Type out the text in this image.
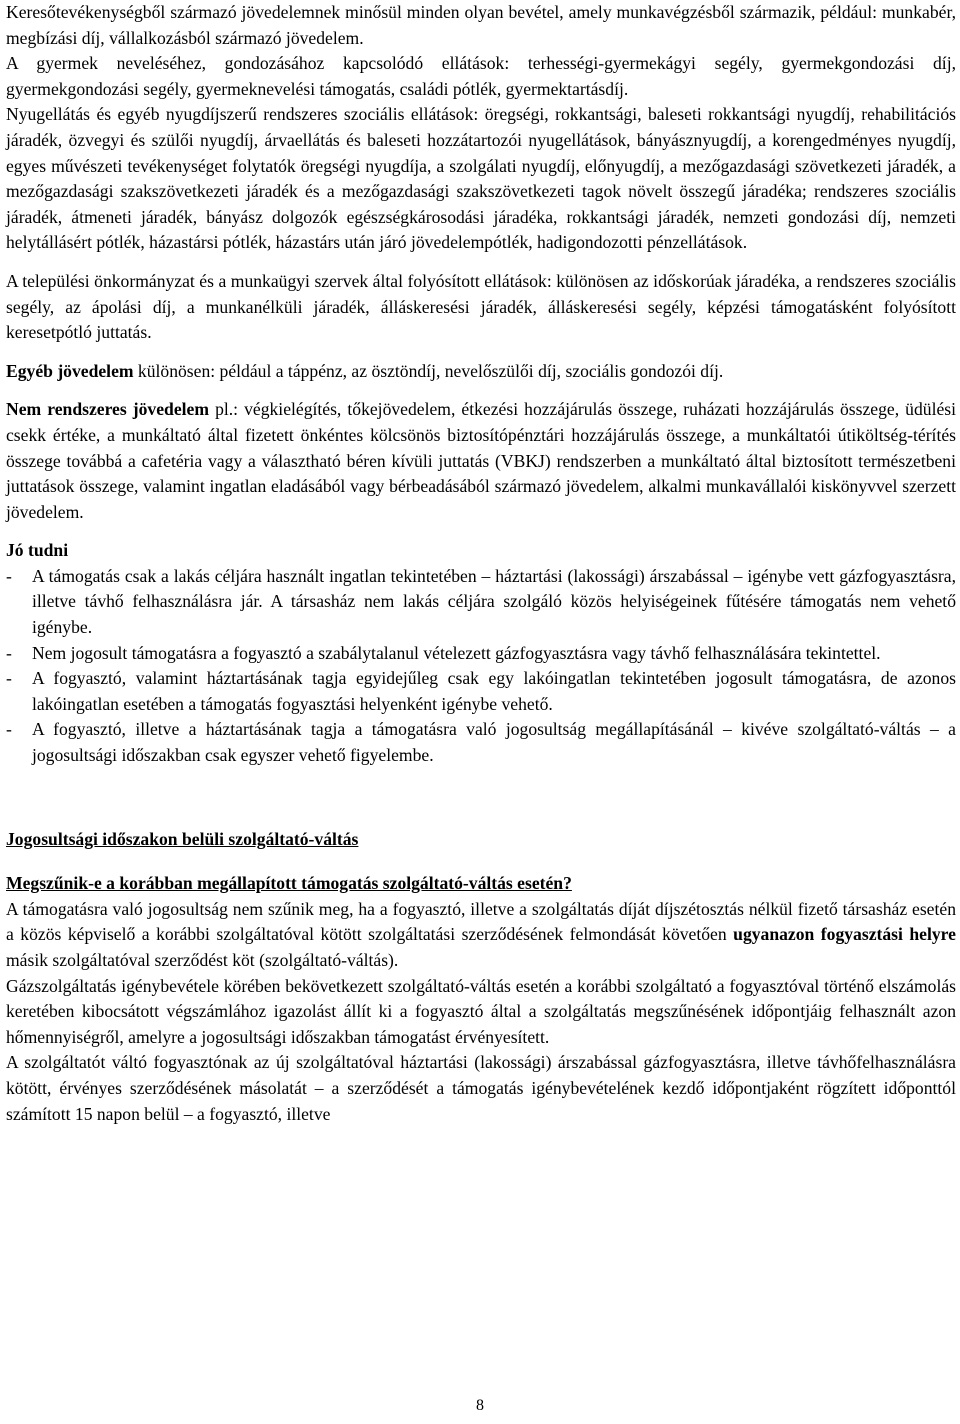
Keresőtevékenységből származó jövedelemnek minősül minden olyan bevétel, amely munkavégzésből származik, például: munkabér, megbízási díj, vállalkozásból származó jövedelem.

A gyermek neveléséhez, gondozásához kapcsolódó ellátások: terhességi-gyermekágyi segély, gyermekgondozási díj, gyermekgondozási segély, gyermeknevelési támogatás, családi pótlék, gyermektartásdíj.

Nyugellátás és egyéb nyugdíjszerű rendszeres szociális ellátások: öregségi, rokkantsági, baleseti rokkantsági nyugdíj, rehabilitációs járadék, özvegyi és szülői nyugdíj, árvaellátás és baleseti hozzátartozói nyugellátások, bányásznyugdíj, a korengedményes nyugdíj, egyes művészeti tevékenységet folytatók öregségi nyugdíja, a szolgálati nyugdíj, előnyugdíj, a mezőgazdasági szövetkezeti járadék, a mezőgazdasági szakszövetkezeti járadék és a mezőgazdasági szakszövetkezeti tagok növelt összegű járadéka; rendszeres szociális járadék, átmeneti járadék, bányász dolgozók egészségkárosodási járadéka, rokkantsági járadék, nemzeti gondozási díj, nemzeti helytállásért pótlék, házastársi pótlék, házastárs után járó jövedelempótlék, hadigondozotti pénzellátások.

A települési önkormányzat és a munkaügyi szervek által folyósított ellátások: különösen az időskorúak járadéka, a rendszeres szociális segély, az ápolási díj, a munkanélküli járadék, álláskeresési járadék, álláskeresési segély, képzési támogatásként folyósított keresetpótló juttatás.

Egyéb jövedelem különösen: például a táppénz, az ösztöndíj, nevelőszülői díj, szociális gondozói díj.

Nem rendszeres jövedelem pl.: végkielégítés, tőkejövedelem, étkezési hozzájárulás összege, ruházati hozzájárulás összege, üdülési csekk értéke, a munkáltató által fizetett önkéntes kölcsönös biztosítópénztári hozzájárulás összege, a munkáltatói útiköltség-térítés összege továbbá a cafetéria vagy a választható béren kívüli juttatás (VBKJ) rendszerben a munkáltató által biztosított természetbeni juttatások összege, valamint ingatlan eladásából vagy bérbeadásából származó jövedelem, alkalmi munkavállalói kiskönyvvel szerzett jövedelem.

Jó tudni

- A támogatás csak a lakás céljára használt ingatlan tekintetében – háztartási (lakossági) árszabással – igénybe vett gázfogyasztásra, illetve távhő felhasználásra jár. A társasház nem lakás céljára szolgáló közös helyiségeinek fűtésére támogatás nem vehető igénybe.
- Nem jogosult támogatásra a fogyasztó a szabálytalanul vételezett gázfogyasztásra vagy távhő felhasználására tekintettel.
- A fogyasztó, valamint háztartásának tagja egyidejűleg csak egy lakóingatlan tekintetében jogosult támogatásra, de azonos lakóingatlan esetében a támogatás fogyasztási helyenként igénybe vehető.
- A fogyasztó, illetve a háztartásának tagja a támogatásra való jogosultság megállapításánál – kivéve szolgáltató-váltás – a jogosultsági időszakban csak egyszer vehető figyelembe.

Jogosultsági időszakon belüli szolgáltató-váltás

Megszűnik-e a korábban megállapított támogatás szolgáltató-váltás esetén?

A támogatásra való jogosultság nem szűnik meg, ha a fogyasztó, illetve a szolgáltatás díját díjszétosztás nélkül fizető társasház esetén a közös képviselő a korábbi szolgáltatóval kötött szolgáltatási szerződésének felmondását követően ugyanazon fogyasztási helyre másik szolgáltatóval szerződést köt (szolgáltató-váltás).

Gázszolgáltatás igénybevétele körében bekövetkezett szolgáltató-váltás esetén a korábbi szolgáltató a fogyasztóval történő elszámolás keretében kibocsátott végszámlához igazolást állít ki a fogyasztó által a szolgáltatás megszűnésének időpontjáig felhasznált azon hőmennyiségről, amelyre a jogosultsági időszakban támogatást érvényesített.

A szolgáltatót váltó fogyasztónak az új szolgáltatóval háztartási (lakossági) árszabással gázfogyasztásra, illetve távhőfelhasználásra kötött, érvényes szerződésének másolatát – a szerződését a támogatás igénybevételének kezdő időpontjaként rögzített időponttól számított 15 napon belül – a fogyasztó, illetve

8
